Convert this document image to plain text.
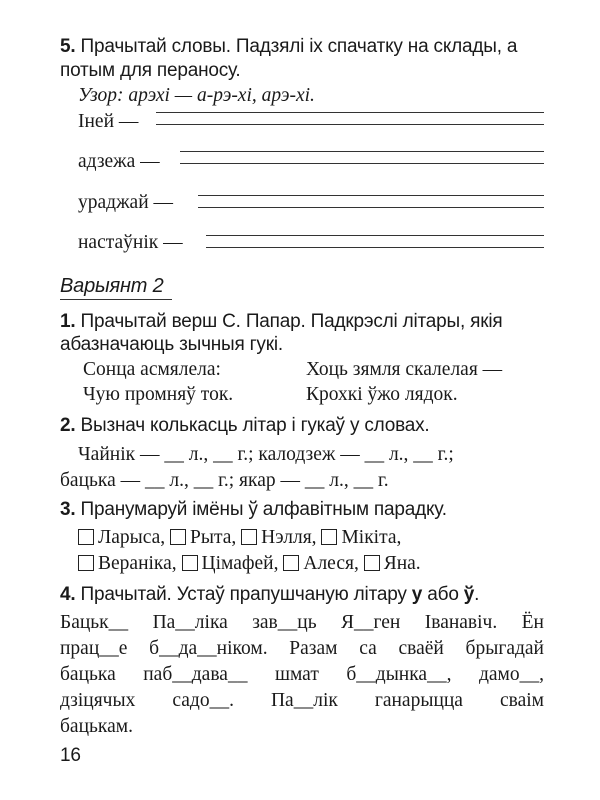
5. Прачытай словы. Падзялі іх спачатку на склады, а
потым для пераносу.
Узор: арэхі — а-рэ-хі, арэ-хі.
Іней —
адзежа —
ураджай —
настаўнік —
Варыянт 2
1. Прачытай верш С. Папар. Падкрэслі літары, якія
абазначаюць зычныя гукі.
Сонца асмялела:	Хоць зямля скалелая —
Чую промняў ток.	Крохкі ўжо лядок.
2. Вызнач колькасць літар і гукаў у словах.
Чайнік — __ л., __ г.; калодзеж — __ л., __ г.;
бацька — __ л., __ г.; якар — __ л., __ г.
3. Пранумаруй імёны ў алфавітным парадку.
Ларыса, Рыта, Нэлля, Мікіта,
Вераніка, Цімафей, Алеся, Яна.
4. Прачытай. Устаў прапушчаную літару у або ў.
Бацьк__ Па__ліка зав__ць Я__ген Іванавіч. Ён
прац__е б__да__ніком. Разам са сваёй брыгадай
бацька паб__дава__ шмат б__дынка__, дамо__,
дзіцячых садо__. Па__лік ганарыцца сваім
бацькам.
16
